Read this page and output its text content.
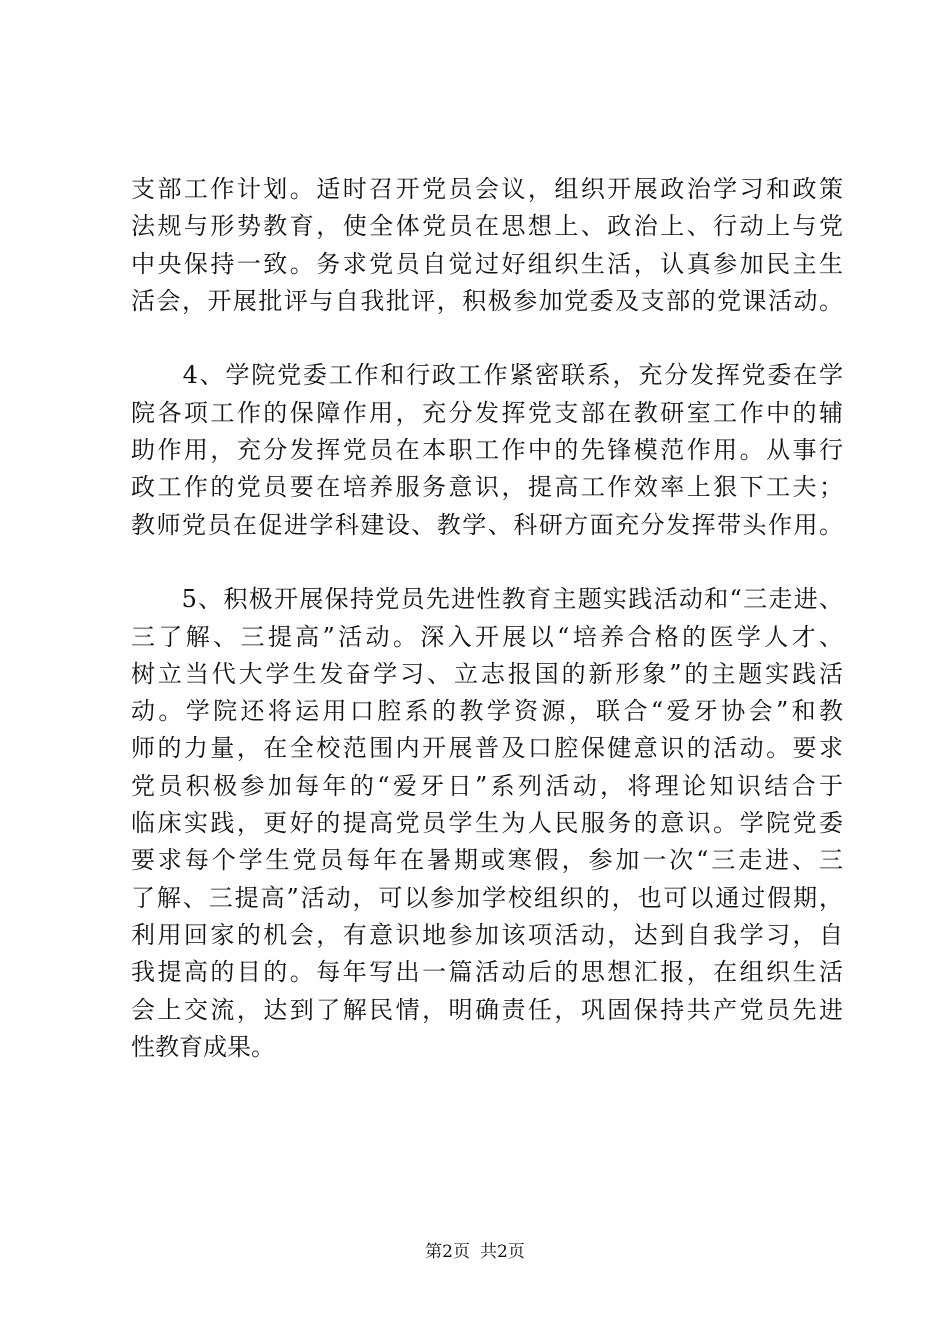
支部工作计划。适时召开党员会议，组织开展政治学习和政策
法规与形势教育，使全体党员在思想上、政治上、行动上与党
中央保持一致。务求党员自觉过好组织生活，认真参加民主生
活会，开展批评与自我批评，积极参加党委及支部的党课活动。
　　4、学院党委工作和行政工作紧密联系，充分发挥党委在学
院各项工作的保障作用，充分发挥党支部在教研室工作中的辅
助作用，充分发挥党员在本职工作中的先锋模范作用。从事行
政工作的党员要在培养服务意识，提高工作效率上狠下工夫；
教师党员在促进学科建设、教学、科研方面充分发挥带头作用。
　　5、积极开展保持党员先进性教育主题实践活动和“三走进、
三了解、三提高”活动。深入开展以“培养合格的医学人才、
树立当代大学生发奋学习、立志报国的新形象”的主题实践活
动。学院还将运用口腔系的教学资源，联合“爱牙协会”和教
师的力量，在全校范围内开展普及口腔保健意识的活动。要求
党员积极参加每年的“爱牙日”系列活动，将理论知识结合于
临床实践，更好的提高党员学生为人民服务的意识。学院党委
要求每个学生党员每年在暑期或寒假，参加一次“三走进、三
了解、三提高”活动，可以参加学校组织的，也可以通过假期，
利用回家的机会，有意识地参加该项活动，达到自我学习，自
我提高的目的。每年写出一篇活动后的思想汇报，在组织生活
会上交流，达到了解民情，明确责任，巩固保持共产党员先进
性教育成果。
第2页 共2页
